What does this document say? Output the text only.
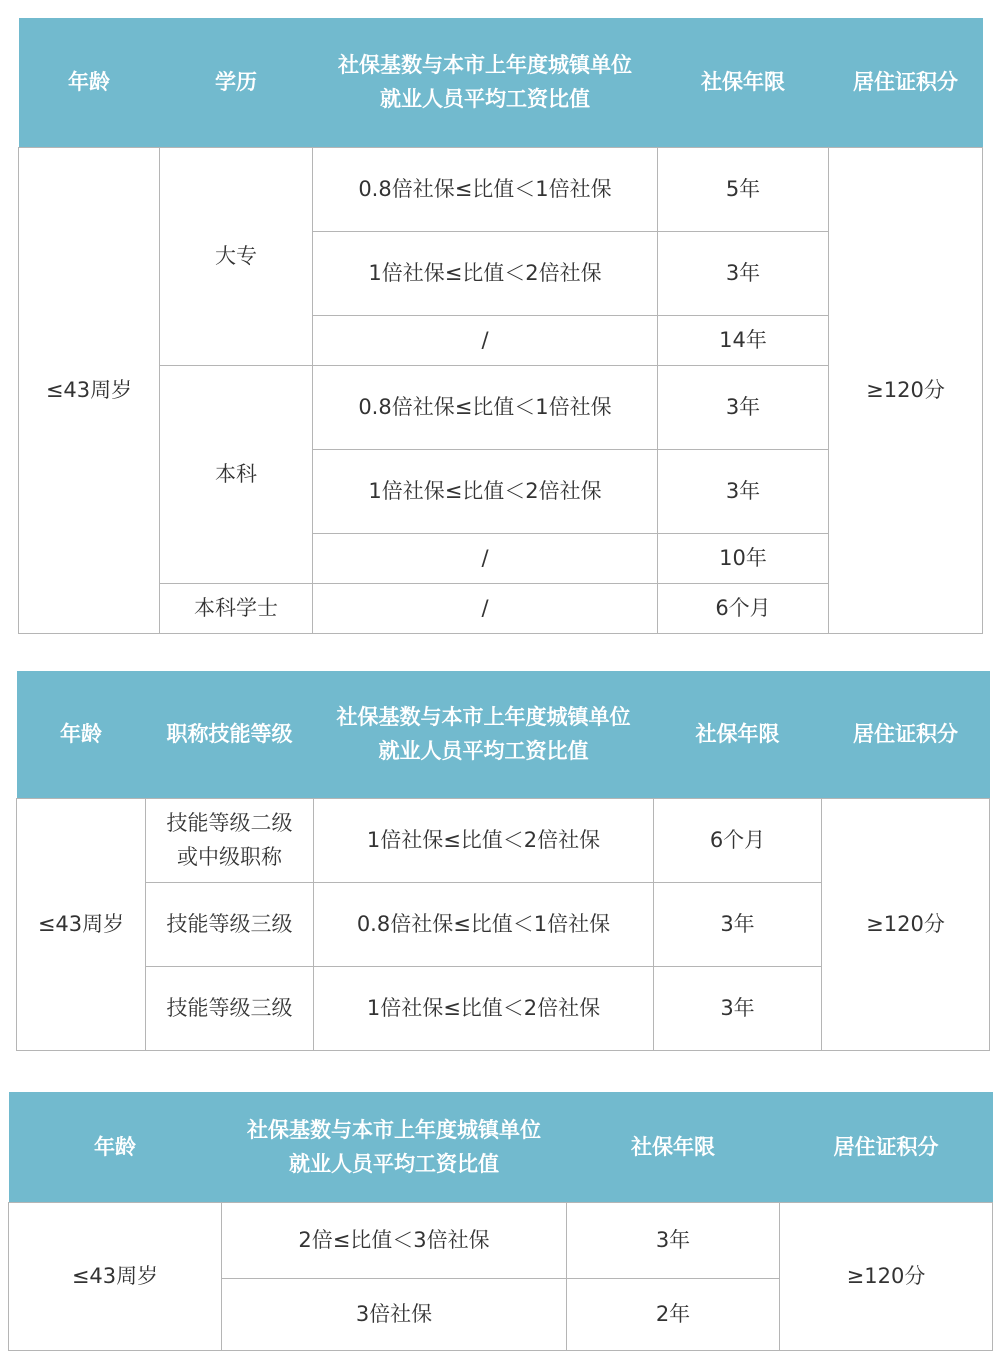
年龄	学历	社保基数与本市上年度城镇单位
就业人员平均工资比值	社保年限	居住证积分
≤43周岁	大专	0.8倍社保≤比值＜1倍社保	5年	≥120分
		1倍社保≤比值＜2倍社保	3年	
		/	14年	
	本科	0.8倍社保≤比值＜1倍社保	3年	
		1倍社保≤比值＜2倍社保	3年	
		/	10年	
	本科学士	/	6个月	
年龄	职称技能等级	社保基数与本市上年度城镇单位
就业人员平均工资比值	社保年限	居住证积分
≤43周岁	技能等级二级
或中级职称	1倍社保≤比值＜2倍社保	6个月	≥120分
	技能等级三级	0.8倍社保≤比值＜1倍社保	3年	
	技能等级三级	1倍社保≤比值＜2倍社保	3年	
年龄	社保基数与本市上年度城镇单位
就业人员平均工资比值	社保年限	居住证积分
≤43周岁	2倍≤比值＜3倍社保	3年	≥120分
	3倍社保	2年	
